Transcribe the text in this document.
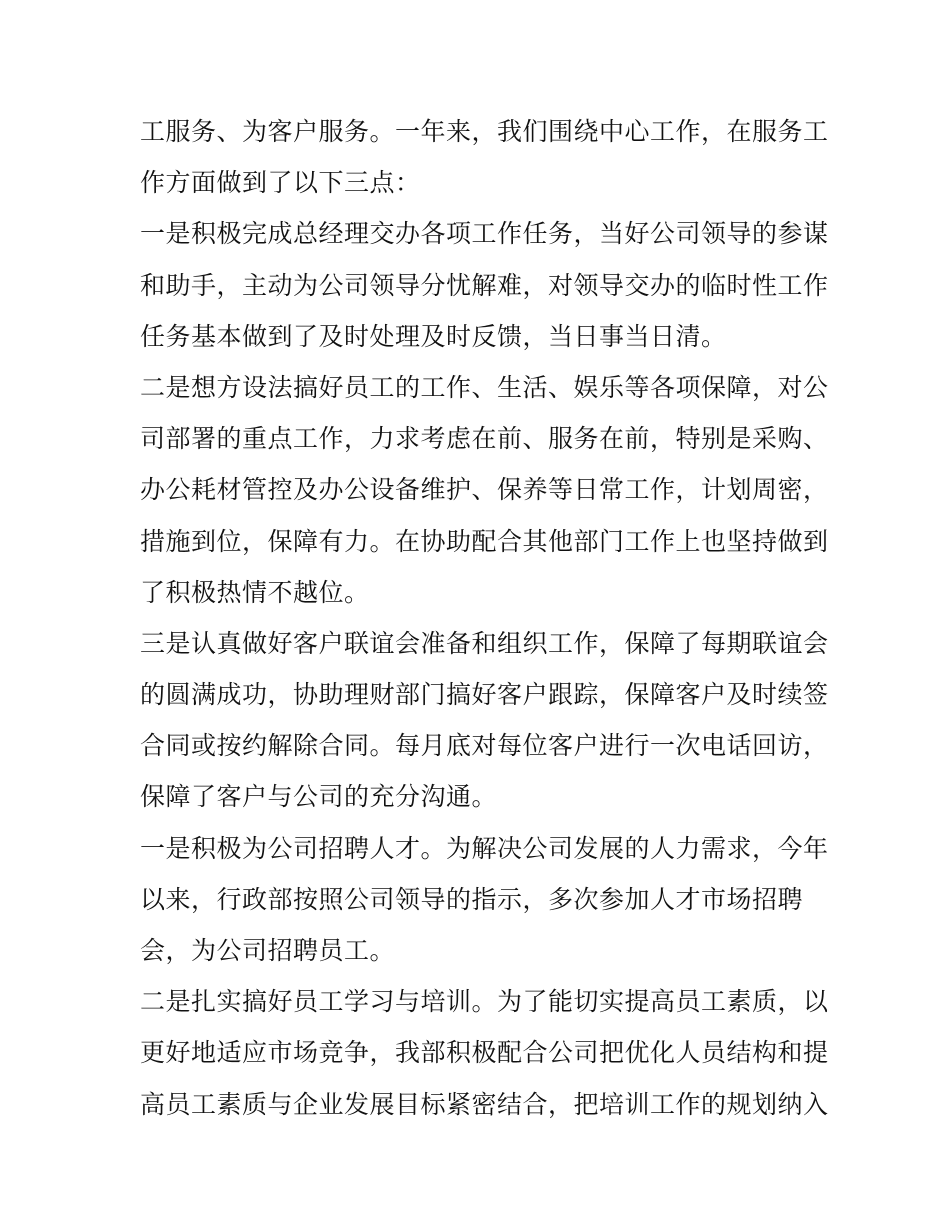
工服务、为客户服务。一年来，我们围绕中心工作，在服务工
作方面做到了以下三点：
一是积极完成总经理交办各项工作任务，当好公司领导的参谋
和助手，主动为公司领导分忧解难，对领导交办的临时性工作
任务基本做到了及时处理及时反馈，当日事当日清。
二是想方设法搞好员工的工作、生活、娱乐等各项保障，对公
司部署的重点工作，力求考虑在前、服务在前，特别是采购、
办公耗材管控及办公设备维护、保养等日常工作，计划周密，
措施到位，保障有力。在协助配合其他部门工作上也坚持做到
了积极热情不越位。
三是认真做好客户联谊会准备和组织工作，保障了每期联谊会
的圆满成功，协助理财部门搞好客户跟踪，保障客户及时续签
合同或按约解除合同。每月底对每位客户进行一次电话回访，
保障了客户与公司的充分沟通。
一是积极为公司招聘人才。为解决公司发展的人力需求，今年
以来，行政部按照公司领导的指示，多次参加人才市场招聘
会，为公司招聘员工。
二是扎实搞好员工学习与培训。为了能切实提高员工素质，以
更好地适应市场竞争，我部积极配合公司把优化人员结构和提
高员工素质与企业发展目标紧密结合，把培训工作的规划纳入
